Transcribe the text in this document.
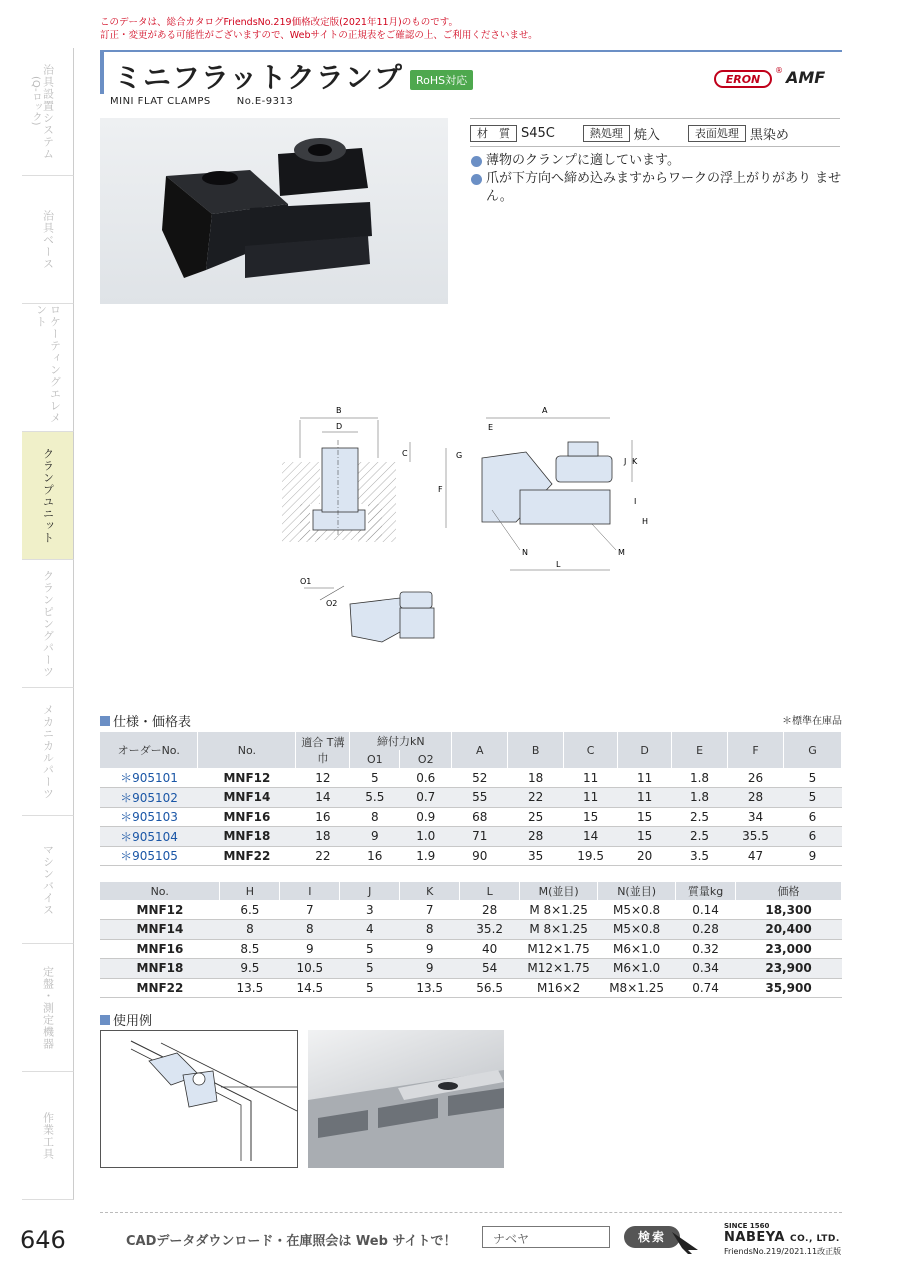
このデータは、総合カタログFriendsNo.219価格改定版(2021年11月)のものです。
訂正・変更がある可能性がございますので、Webサイトの正規表をご確認の上、ご利用くださいませ。
治具設置システム
(Q-ロック)
治具ベース
ロケーティングエレメント
クランプユニット
クランピングパーツ
メカニカルパーツ
マシンバイス
定盤・測定機器
作業工具
ミニフラットクランプ	RoHS対応	ERON
® AMF
MINI FLAT CLAMPS	No.E-9313
材　質 S45C	熱処理 焼入	表面処理 黒染め
薄物のクランプに適しています。
爪が下方向へ締め込みますからワークの浮上がりがあり ません。
B
D
C
A
E
G
F
J K
I
H
N	M
L
O1
O2
仕様・価格表	＊標準在庫品
オーダーNo.	No.	適合 T溝巾	締付力kN		A	B	C	D	E	F	G
			O1	O2							
＊905101	MNF12	12	5	0.6	52	18	11	11	1.8	26	5
＊905102	MNF14	14	5.5	0.7	55	22	11	11	1.8	28	5
＊905103	MNF16	16	8	0.9	68	25	15	15	2.5	34	6
＊905104	MNF18	18	9	1.0	71	28	14	15	2.5	35.5	6
＊905105	MNF22	22	16	1.9	90	35	19.5	20	3.5	47	9
No.	H	I	J	K	L	M(並目)	N(並目)	質量kg	価格
MNF12	6.5	7	3	7	28	M 8×1.25	M5×0.8	0.14	18,300
MNF14	8	8	4	8	35.2	M 8×1.25	M5×0.8	0.28	20,400
MNF16	8.5	9	5	9	40	M12×1.75	M6×1.0	0.32	23,000
MNF18	9.5	10.5	5	9	54	M12×1.75	M6×1.0	0.34	23,900
MNF22	13.5	14.5	5	13.5	56.5	M16×2	M8×1.25	0.74	35,900
使用例
646	CADデータダウンロード・在庫照会は Web サイトで！	ナベヤ	検索
SINCE 1560
NABEYA CO., LTD.
FriendsNo.219/2021.11改正版
